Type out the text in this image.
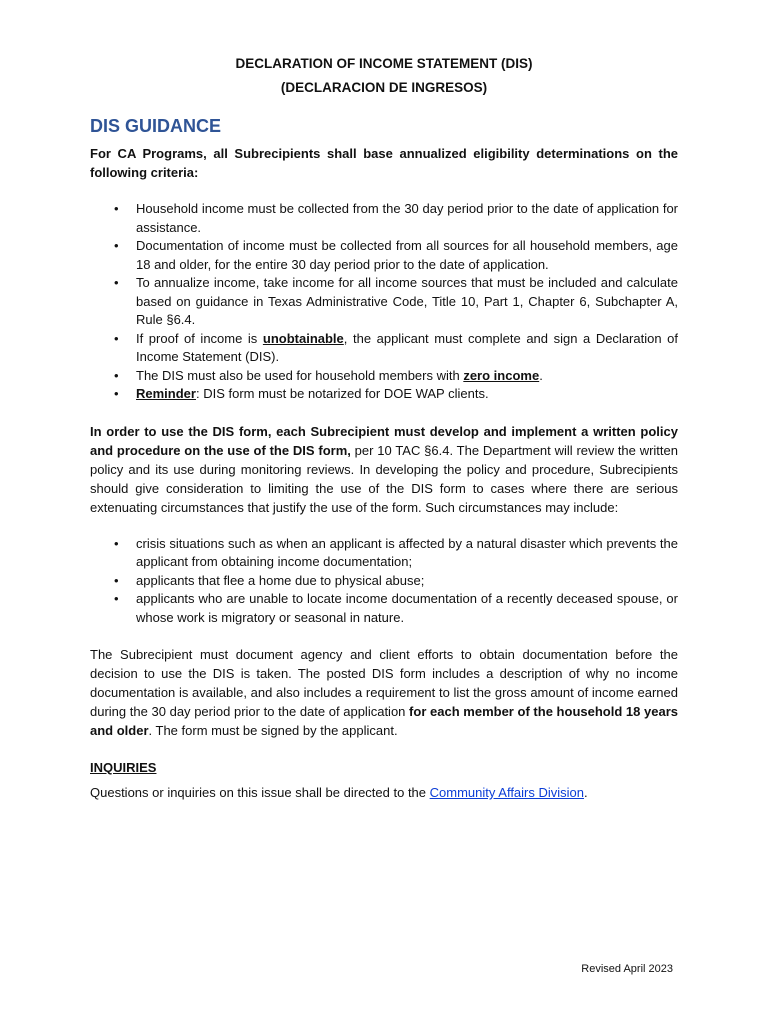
DECLARATION OF INCOME STATEMENT (DIS)
(DECLARACION DE INGRESOS)
DIS GUIDANCE
For CA Programs, all Subrecipients shall base annualized eligibility determinations on the following criteria:
• Household income must be collected from the 30 day period prior to the date of application for assistance.
• Documentation of income must be collected from all sources for all household members, age 18 and older, for the entire 30 day period prior to the date of application.
• To annualize income, take income for all income sources that must be included and calculate based on guidance in Texas Administrative Code, Title 10, Part 1, Chapter 6, Subchapter A, Rule §6.4.
• If proof of income is unobtainable, the applicant must complete and sign a Declaration of Income Statement (DIS).
• The DIS must also be used for household members with zero income.
• Reminder: DIS form must be notarized for DOE WAP clients.
In order to use the DIS form, each Subrecipient must develop and implement a written policy and procedure on the use of the DIS form, per 10 TAC §6.4. The Department will review the written policy and its use during monitoring reviews. In developing the policy and procedure, Subrecipients should give consideration to limiting the use of the DIS form to cases where there are serious extenuating circumstances that justify the use of the form. Such circumstances may include:
• crisis situations such as when an applicant is affected by a natural disaster which prevents the applicant from obtaining income documentation;
• applicants that flee a home due to physical abuse;
• applicants who are unable to locate income documentation of a recently deceased spouse, or whose work is migratory or seasonal in nature.
The Subrecipient must document agency and client efforts to obtain documentation before the decision to use the DIS is taken. The posted DIS form includes a description of why no income documentation is available, and also includes a requirement to list the gross amount of income earned during the 30 day period prior to the date of application for each member of the household 18 years and older. The form must be signed by the applicant.
INQUIRIES
Questions or inquiries on this issue shall be directed to the Community Affairs Division.
Revised April 2023
